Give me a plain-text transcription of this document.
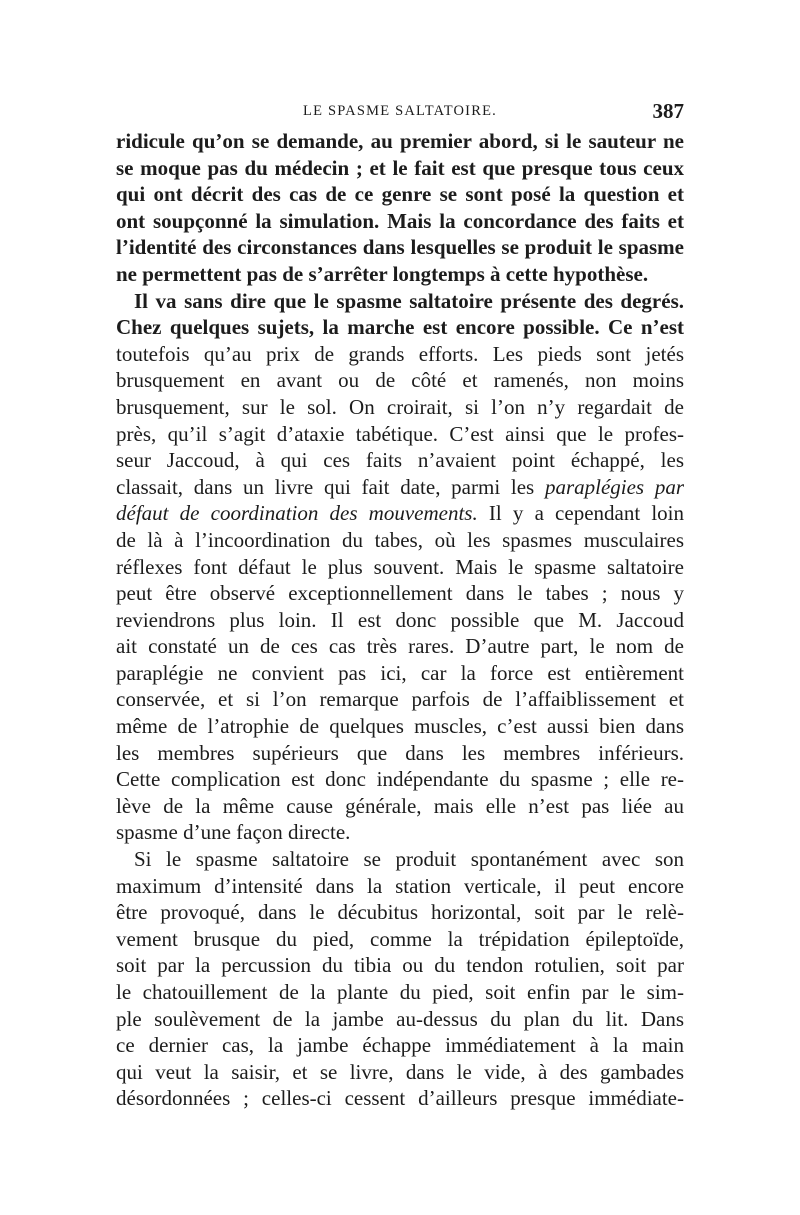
LE SPASME SALTATOIRE.	387
ridicule qu’on se demande, au premier abord, si le sauteur ne
se moque pas du médecin ; et le fait est que presque tous ceux
qui ont décrit des cas de ce genre se sont posé la question et
ont soupçonné la simulation. Mais la concordance des faits et
l’identité des circonstances dans lesquelles se produit le spasme
ne permettent pas de s’arrêter longtemps à cette hypothèse.
Il va sans dire que le spasme saltatoire présente des degrés.
Chez quelques sujets, la marche est encore possible. Ce n’est
toutefois qu’au prix de grands efforts. Les pieds sont jetés
brusquement en avant ou de côté et ramenés, non moins
brusquement, sur le sol. On croirait, si l’on n’y regardait de
près, qu’il s’agit d’ataxie tabétique. C’est ainsi que le profes-
seur Jaccoud, à qui ces faits n’avaient point échappé, les
classait, dans un livre qui fait date, parmi les paraplégies par
défaut de coordination des mouvements. Il y a cependant loin
de là à l’incoordination du tabes, où les spasmes musculaires
réflexes font défaut le plus souvent. Mais le spasme saltatoire
peut être observé exceptionnellement dans le tabes ; nous y
reviendrons plus loin. Il est donc possible que M. Jaccoud
ait constaté un de ces cas très rares. D’autre part, le nom de
paraplégie ne convient pas ici, car la force est entièrement
conservée, et si l’on remarque parfois de l’affaiblissement et
même de l’atrophie de quelques muscles, c’est aussi bien dans
les membres supérieurs que dans les membres inférieurs.
Cette complication est donc indépendante du spasme ; elle re-
lève de la même cause générale, mais elle n’est pas liée au
spasme d’une façon directe.
Si le spasme saltatoire se produit spontanément avec son
maximum d’intensité dans la station verticale, il peut encore
être provoqué, dans le décubitus horizontal, soit par le relè-
vement brusque du pied, comme la trépidation épileptoïde,
soit par la percussion du tibia ou du tendon rotulien, soit par
le chatouillement de la plante du pied, soit enfin par le sim-
ple soulèvement de la jambe au-dessus du plan du lit. Dans
ce dernier cas, la jambe échappe immédiatement à la main
qui veut la saisir, et se livre, dans le vide, à des gambades
désordonnées ; celles-ci cessent d’ailleurs presque immédiate-
